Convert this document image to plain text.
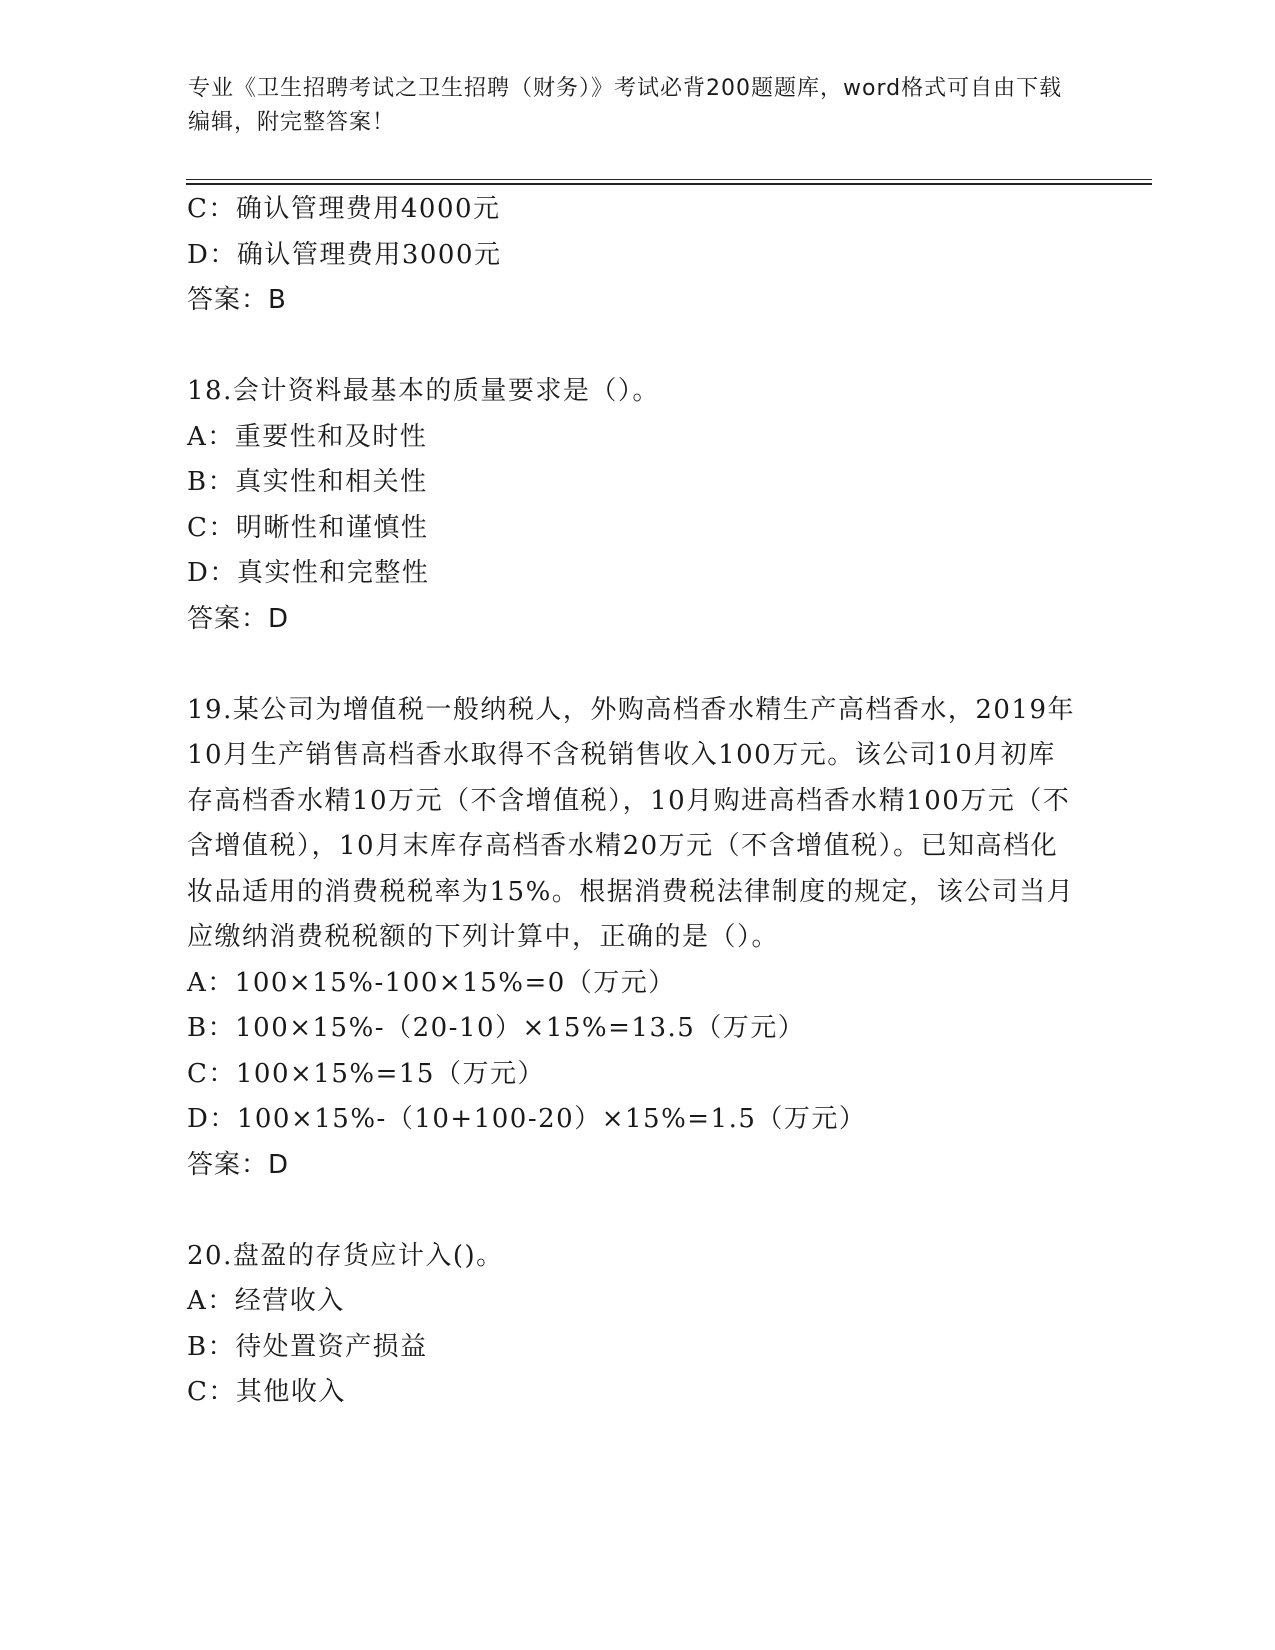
专业《卫生招聘考试之卫生招聘（财务）》考试必背200题题库，word格式可自由下载编辑，附完整答案！
C：确认管理费用4000元
D：确认管理费用3000元
答案：B
18.会计资料最基本的质量要求是（）。
A：重要性和及时性
B：真实性和相关性
C：明晰性和谨慎性
D：真实性和完整性
答案：D
19.某公司为增值税一般纳税人，外购高档香水精生产高档香水，2019年10月生产销售高档香水取得不含税销售收入100万元。该公司10月初库存高档香水精10万元（不含增值税），10月购进高档香水精100万元（不含增值税），10月末库存高档香水精20万元（不含增值税）。已知高档化妆品适用的消费税税率为15%。根据消费税法律制度的规定，该公司当月应缴纳消费税税额的下列计算中，正确的是（）。
A：100×15%-100×15%=0（万元）
B：100×15%-（20-10）×15%=13.5（万元）
C：100×15%=15（万元）
D：100×15%-（10+100-20）×15%=1.5（万元）
答案：D
20.盘盈的存货应计入()。
A：经营收入
B：待处置资产损益
C：其他收入
